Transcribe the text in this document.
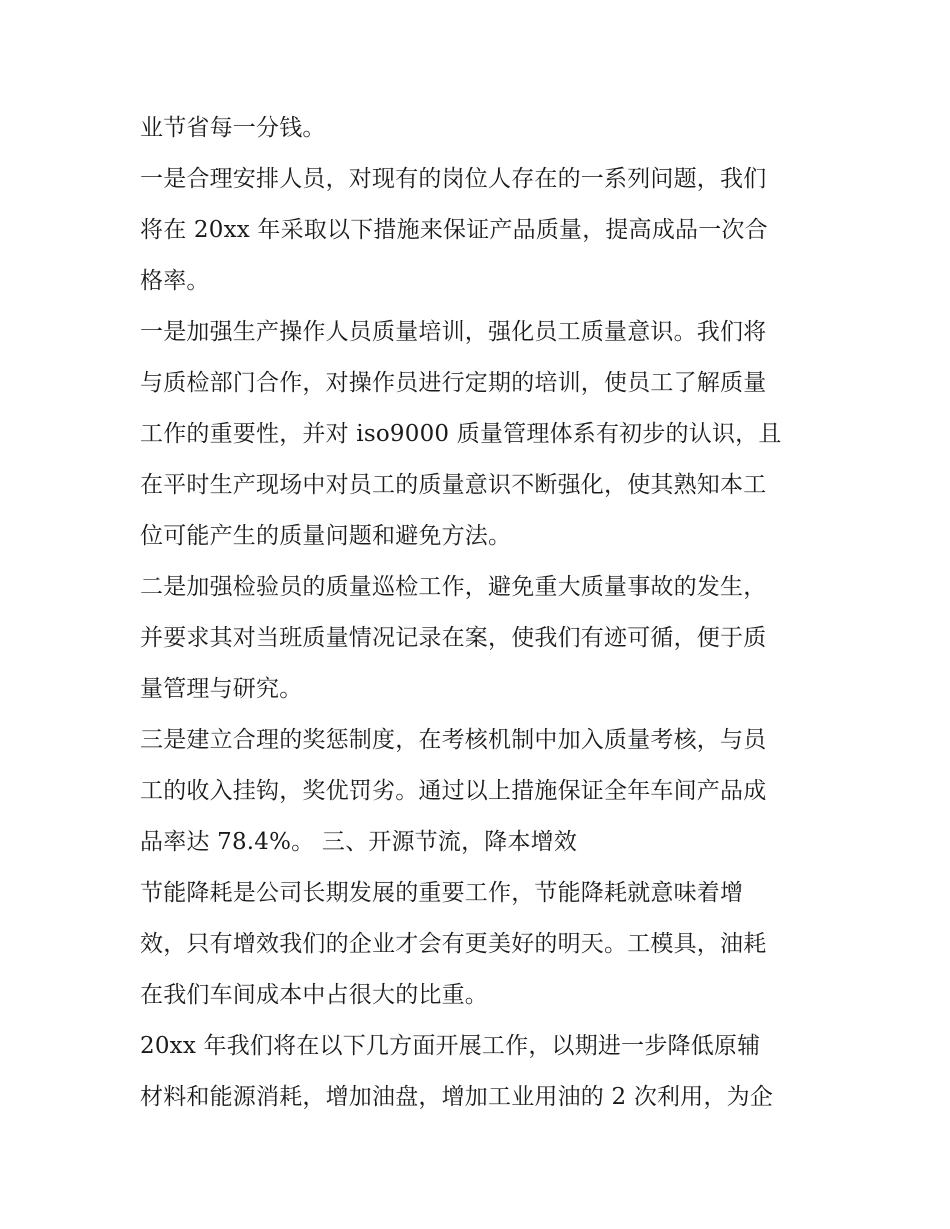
业节省每一分钱。
一是合理安排人员，对现有的岗位人存在的一系列问题，我们
将在 20xx 年采取以下措施来保证产品质量，提高成品一次合
格率。
一是加强生产操作人员质量培训，强化员工质量意识。我们将
与质检部门合作，对操作员进行定期的培训，使员工了解质量
工作的重要性，并对 iso9000 质量管理体系有初步的认识，且
在平时生产现场中对员工的质量意识不断强化，使其熟知本工
位可能产生的质量问题和避免方法。
二是加强检验员的质量巡检工作，避免重大质量事故的发生，
并要求其对当班质量情况记录在案，使我们有迹可循，便于质
量管理与研究。
三是建立合理的奖惩制度，在考核机制中加入质量考核，与员
工的收入挂钩，奖优罚劣。通过以上措施保证全年车间产品成
品率达 78.4%。 三、开源节流，降本增效
节能降耗是公司长期发展的重要工作，节能降耗就意味着增
效，只有增效我们的企业才会有更美好的明天。工模具，油耗
在我们车间成本中占很大的比重。
20xx 年我们将在以下几方面开展工作，以期进一步降低原辅
材料和能源消耗，增加油盘，增加工业用油的 2 次利用，为企
